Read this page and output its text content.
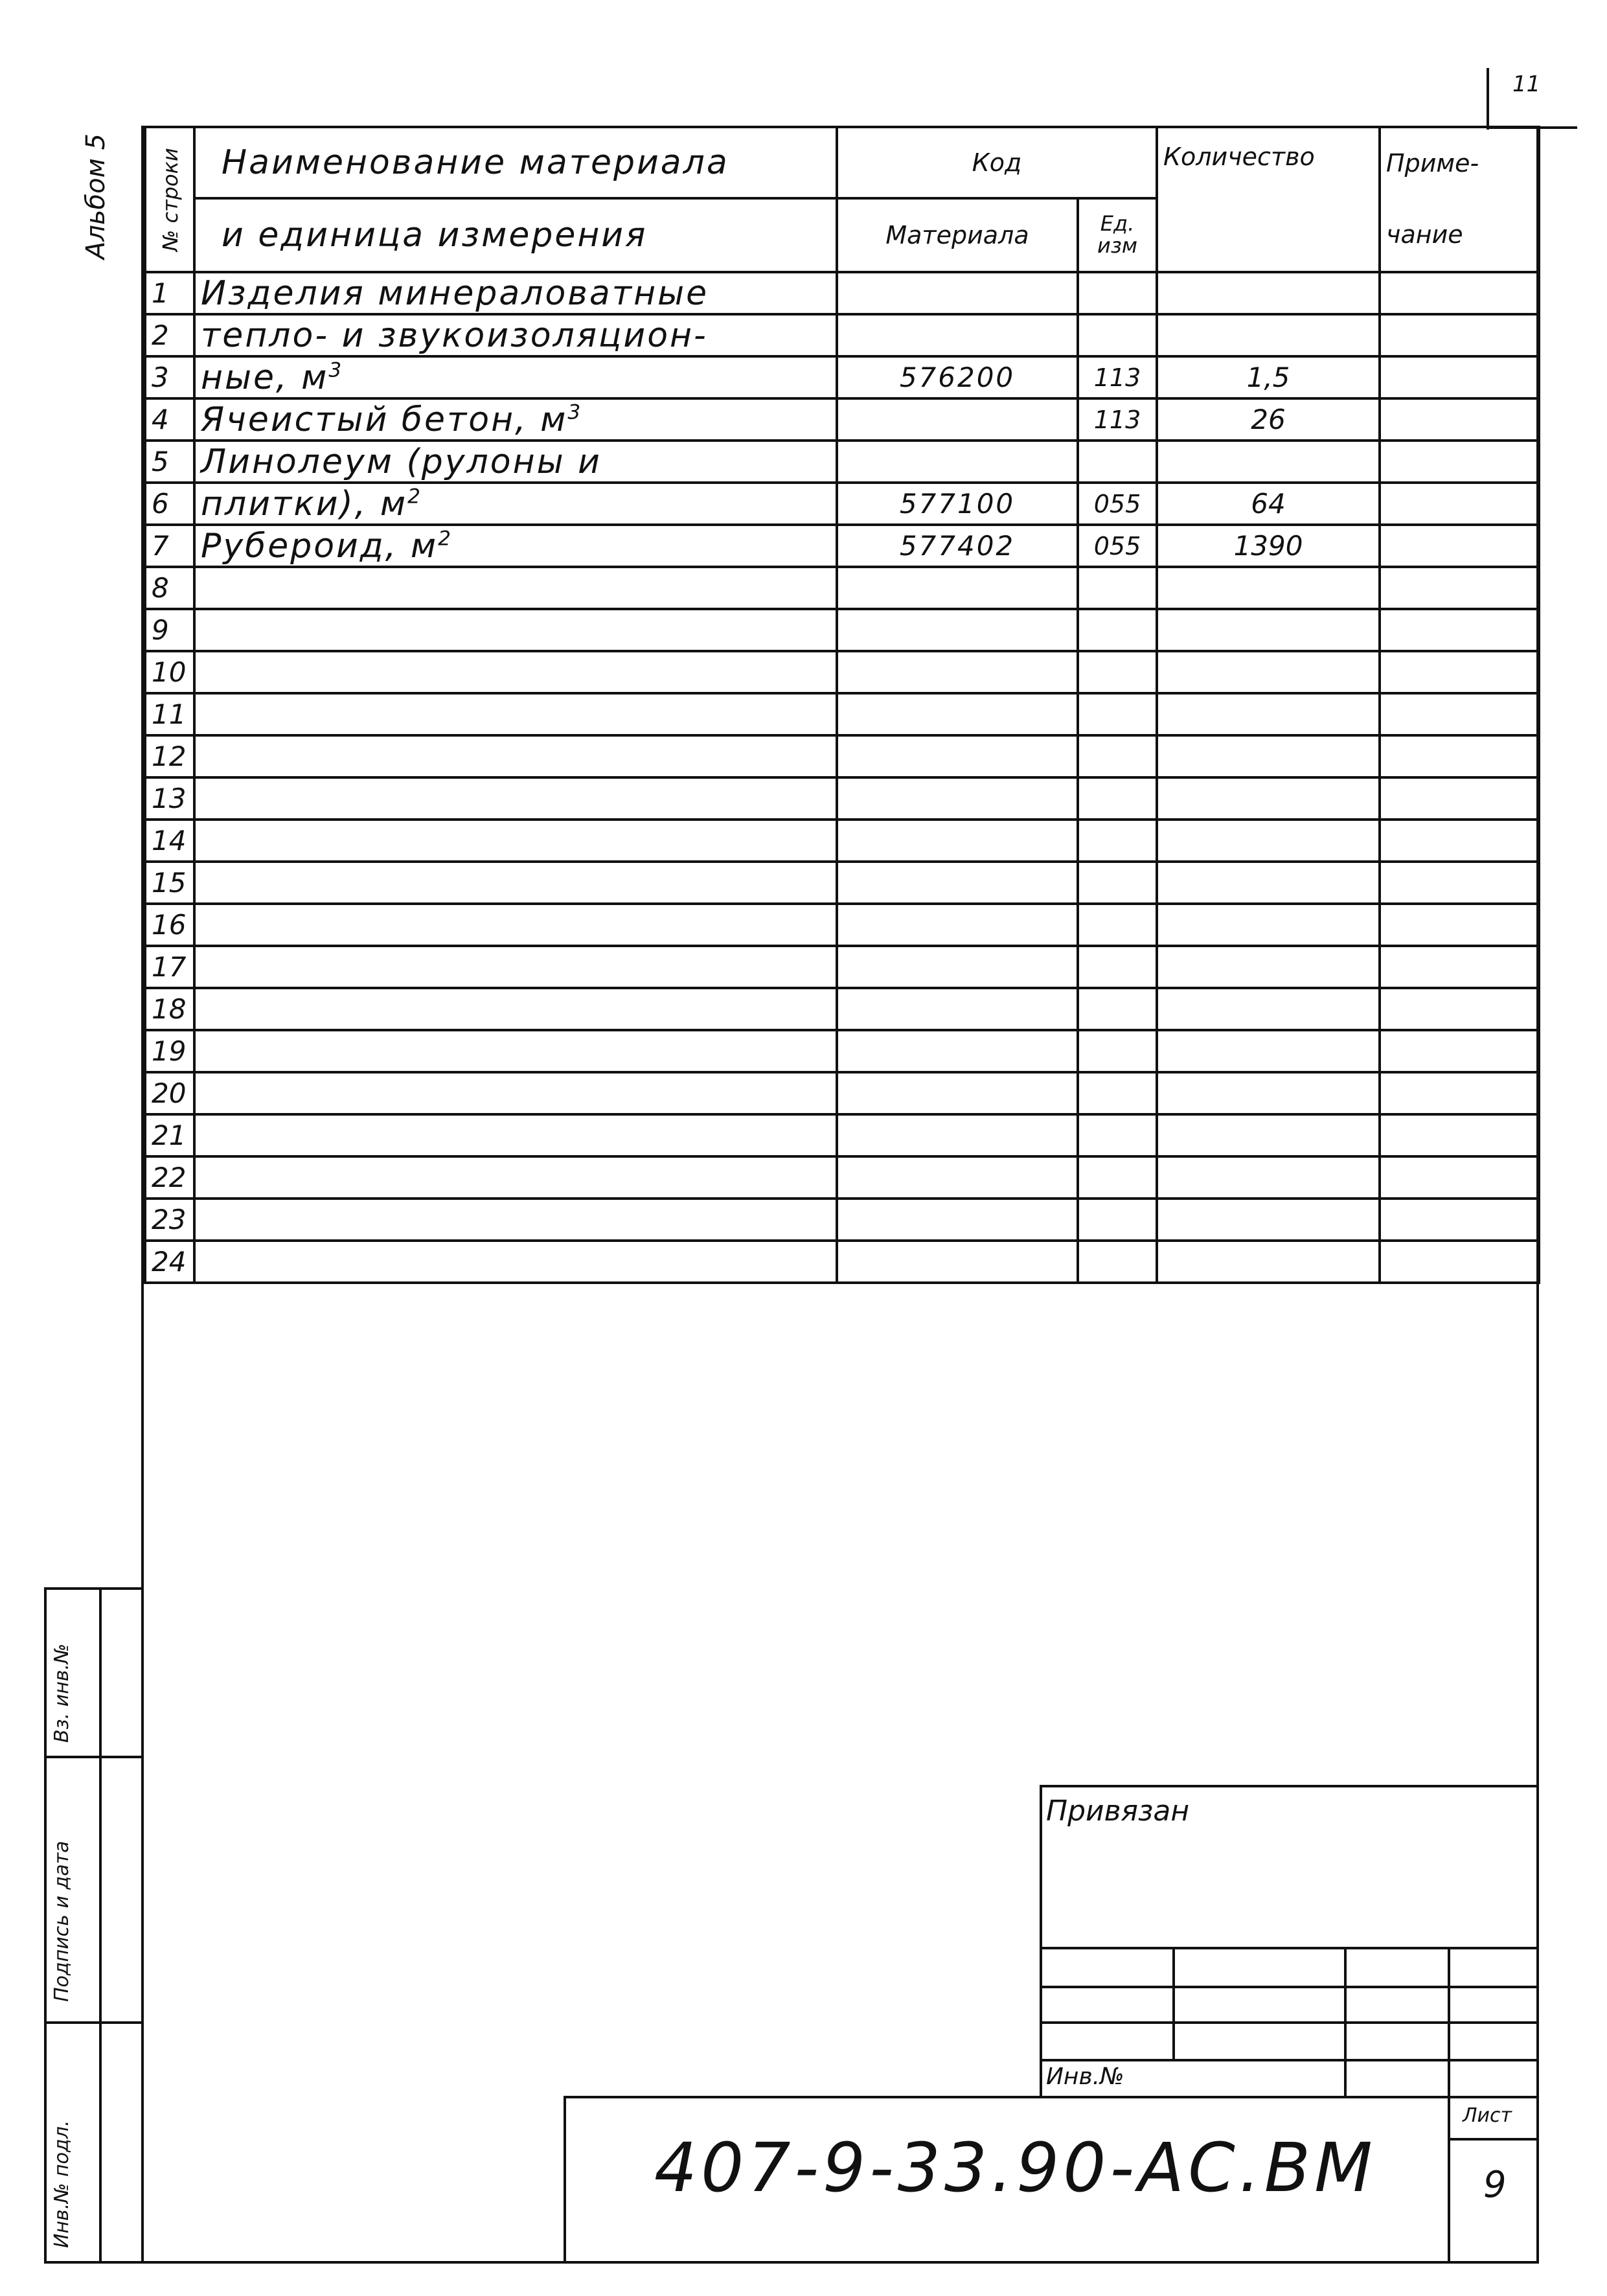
11
Альбом 5 № строки	Наименование материала	Код		Количество	Приме-
	и единица измерения	Материала	Ед. изм		чание
1	Изделия минераловатные				
2	тепло- и звукоизоляцион-				
3	ные, $м^3$	576200	113	1,5	
4	Ячеистый бетон, $м^3$		113	26	
5	Линолеум (рулоны и				
6	плитки), $м^2$	577100	055	64	
7	Рубероид, $м^2$	577402	055	1390	
8					
9					
10					
11					
12					
13					
14					
15					
16					
17					
18					
19					
20					
21					
22					
23					
24					
Вз. инв.№
Подпись и дата
Инв.№ подл.
Привязан
Инв.№
407-9-33.90-АС.ВМ
Лист
9
